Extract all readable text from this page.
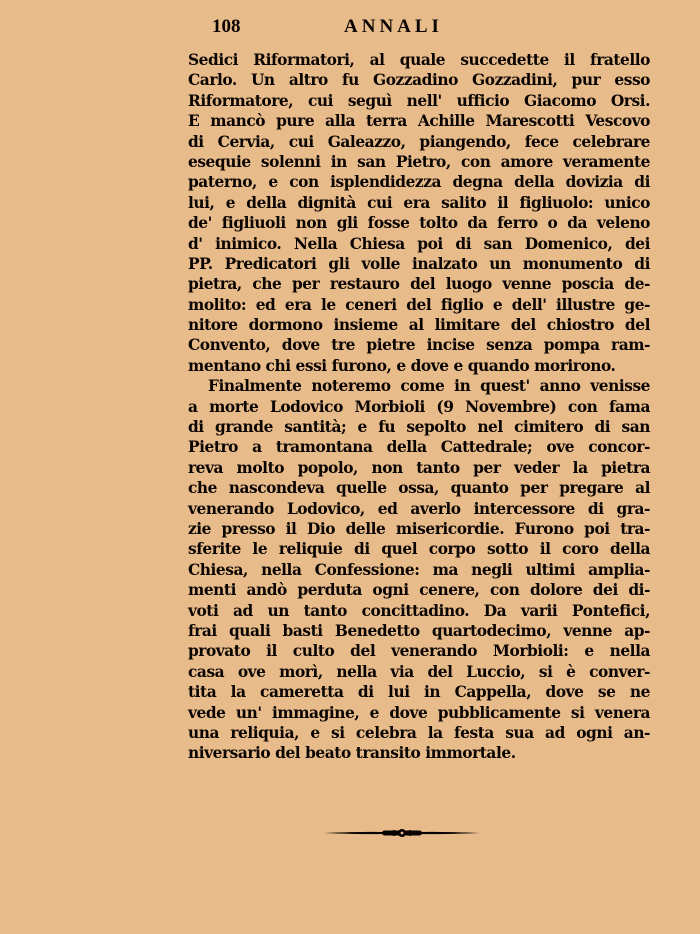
108	ANNALI
Sedici Riformatori, al quale succedette il fratello
Carlo. Un altro fu Gozzadino Gozzadini, pur esso
Riformatore, cui seguì nell' ufficio Giacomo Orsi.
E mancò pure alla terra Achille Marescotti Vescovo
di Cervia, cui Galeazzo, piangendo, fece celebrare
esequie solenni in san Pietro, con amore veramente
paterno, e con isplendidezza degna della dovizia di
lui, e della dignità cui era salito il figliuolo: unico
de' figliuoli non gli fosse tolto da ferro o da veleno
d' inimico. Nella Chiesa poi di san Domenico, dei
PP. Predicatori gli volle inalzato un monumento di
pietra, che per restauro del luogo venne poscia de-
molito: ed era le ceneri del figlio e dell' illustre ge-
nitore dormono insieme al limitare del chiostro del
Convento, dove tre pietre incise senza pompa ram-
mentano chi essi furono, e dove e quando morirono.
Finalmente noteremo come in quest' anno venisse
a morte Lodovico Morbioli (9 Novembre) con fama
di grande santità; e fu sepolto nel cimitero di san
Pietro a tramontana della Cattedrale; ove concor-
reva molto popolo, non tanto per veder la pietra
che nascondeva quelle ossa, quanto per pregare al
venerando Lodovico, ed averlo intercessore di gra-
zie presso il Dio delle misericordie. Furono poi tra-
sferite le reliquie di quel corpo sotto il coro della
Chiesa, nella Confessione: ma negli ultimi amplia-
menti andò perduta ogni cenere, con dolore dei di-
voti ad un tanto concittadino. Da varii Pontefici,
frai quali basti Benedetto quartodecimo, venne ap-
provato il culto del venerando Morbioli: e nella
casa ove morì, nella via del Luccio, si è conver-
tita la cameretta di lui in Cappella, dove se ne
vede un' immagine, e dove pubblicamente si venera
una reliquia, e si celebra la festa sua ad ogni an-
niversario del beato transito immortale.
